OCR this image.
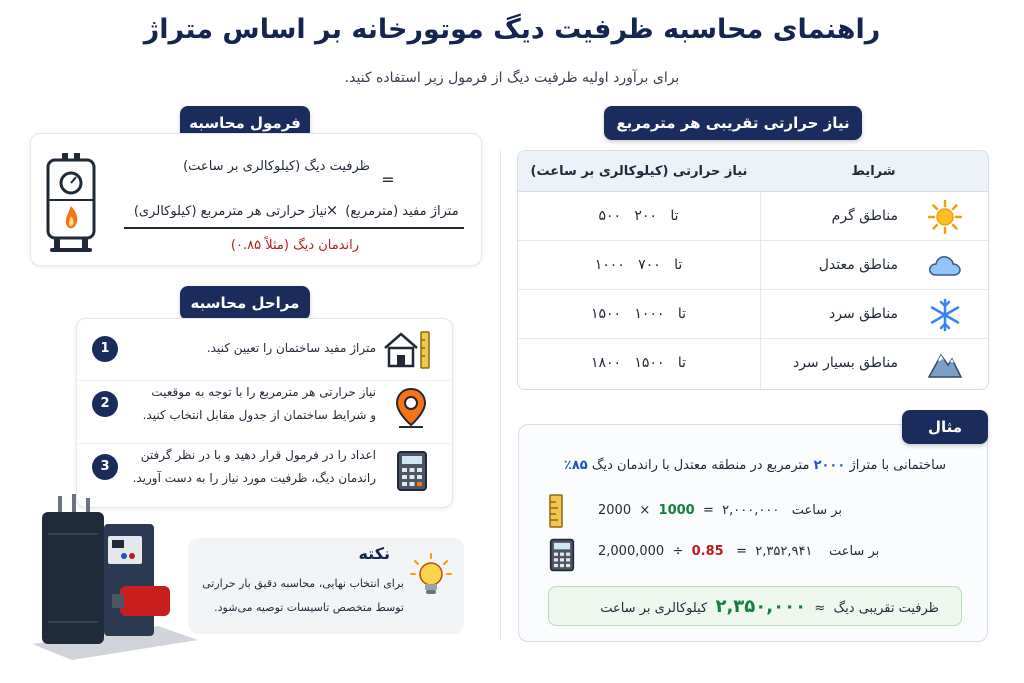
راهنمای محاسبه ظرفیت دیگ موتورخانه بر اساس متراژ
برای برآورد اولیه ظرفیت دیگ از فرمول زیر استفاده کنید.
فرمول محاسبه
ظرفیت دیگ (کیلوکالری بر ساعت)
=
نیاز حرارتی هر مترمربع (کیلوکالری)
× متراژ مفید (مترمربع)
راندمان دیگ (مثلاً ۰.۸۵)
مراحل محاسبه
1	متراژ مفید ساختمان را تعیین کنید.
2
نیاز حرارتی هر مترمربع را با توجه به موقعیت
و شرایط ساختمان از جدول مقابل انتخاب کنید.
3
اعداد را در فرمول قرار دهید و با در نظر گرفتن
راندمان دیگ، ظرفیت مورد نیاز را به دست آورید.
نکته
برای انتخاب نهایی، محاسبه دقیق بار حرارتی
توسط متخصص تاسیسات توصیه می‌شود.
نیاز حرارتی تقریبی هر مترمربع
شرایط
نیاز حرارتی (کیلوکالری بر ساعت)
مناطق گرم
۵۰۰	تا   ۲۰۰
مناطق معتدل
۱۰۰۰	تا   ۷۰۰
مناطق سرد
۱۵۰۰	تا   ۱۰۰۰
مناطق بسیار سرد
۱۸۰۰	تا   ۱۵۰۰
مثال
ساختمانی با متراژ ۲۰۰۰ مترمربع در منطقه معتدل با راندمان دیگ ۸۵٪
2000 × 1000 = ۲,۰۰۰,۰۰۰ بر ساعت
2,000,000 ÷ 0.85 = ۲,۳۵۲,۹۴۱ بر ساعت
ظرفیت تقریبی دیگ  ≈  ۲,۳۵۰,۰۰۰  کیلوکالری بر ساعت
